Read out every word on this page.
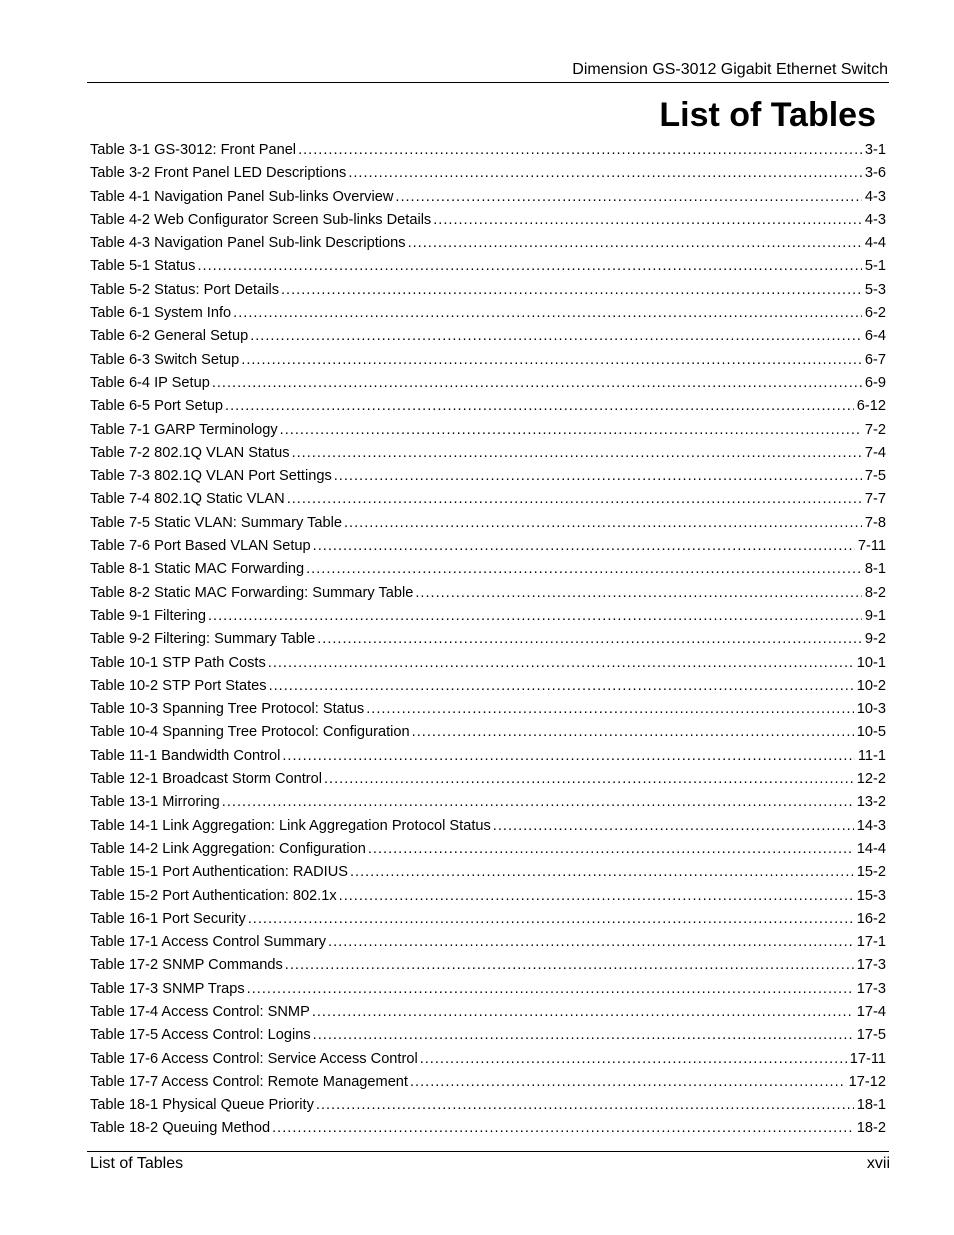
Dimension GS-3012 Gigabit Ethernet Switch
List of Tables
Table 3-1 GS-3012: Front Panel .....	3-1
Table 3-2 Front Panel LED Descriptions .....	3-6
Table 4-1 Navigation Panel Sub-links Overview .....	4-3
Table 4-2 Web Configurator Screen Sub-links Details .....	4-3
Table 4-3 Navigation Panel Sub-link Descriptions .....	4-4
Table 5-1 Status .....	5-1
Table 5-2 Status: Port Details .....	5-3
Table 6-1 System Info .....	6-2
Table 6-2 General Setup .....	6-4
Table 6-3 Switch Setup .....	6-7
Table 6-4 IP Setup .....	6-9
Table 6-5 Port Setup .....	6-12
Table 7-1 GARP Terminology .....	7-2
Table 7-2 802.1Q VLAN Status .....	7-4
Table 7-3 802.1Q VLAN Port Settings .....	7-5
Table 7-4 802.1Q Static VLAN .....	7-7
Table 7-5 Static VLAN: Summary Table .....	7-8
Table 7-6 Port Based VLAN Setup .....	7-11
Table 8-1 Static MAC Forwarding .....	8-1
Table 8-2 Static MAC Forwarding: Summary Table .....	8-2
Table 9-1 Filtering .....	9-1
Table 9-2 Filtering: Summary Table .....	9-2
Table 10-1 STP Path Costs .....	10-1
Table 10-2 STP Port States .....	10-2
Table 10-3 Spanning Tree Protocol: Status .....	10-3
Table 10-4 Spanning Tree Protocol: Configuration .....	10-5
Table 11-1 Bandwidth Control .....	11-1
Table 12-1 Broadcast Storm Control .....	12-2
Table 13-1 Mirroring .....	13-2
Table 14-1 Link Aggregation: Link Aggregation Protocol Status .....	14-3
Table 14-2 Link Aggregation: Configuration .....	14-4
Table 15-1 Port Authentication: RADIUS .....	15-2
Table 15-2 Port Authentication: 802.1x .....	15-3
Table 16-1 Port Security .....	16-2
Table 17-1 Access Control Summary .....	17-1
Table 17-2 SNMP Commands .....	17-3
Table 17-3 SNMP Traps .....	17-3
Table 17-4 Access Control: SNMP .....	17-4
Table 17-5 Access Control: Logins .....	17-5
Table 17-6 Access Control: Service Access Control .....	17-11
Table 17-7 Access Control: Remote Management .....	17-12
Table 18-1 Physical Queue Priority .....	18-1
Table 18-2 Queuing Method .....	18-2
List of Tables	xvii
